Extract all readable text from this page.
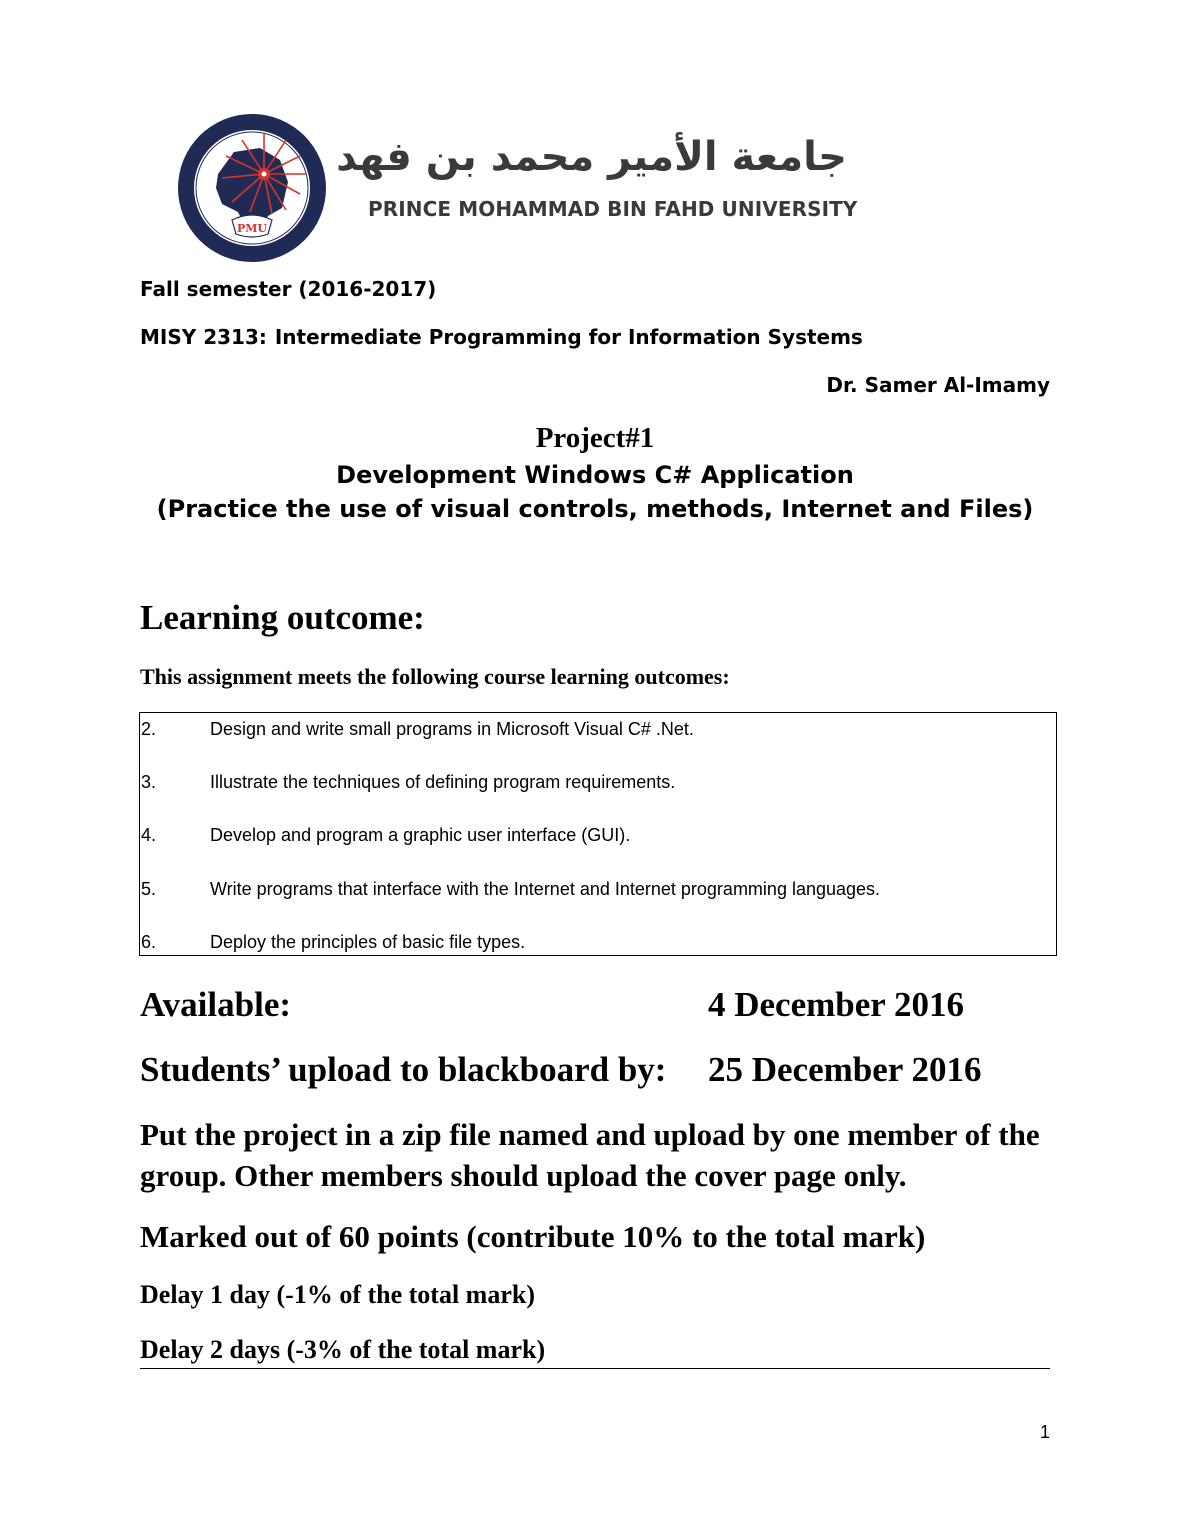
PMU
جامعة الأمير محمد بن فهد
PRINCE MOHAMMAD BIN FAHD UNIVERSITY
Fall semester (2016-2017)
MISY 2313: Intermediate Programming for Information Systems
Dr. Samer Al-Imamy
Project#1
Development Windows C# Application
(Practice the use of visual controls, methods, Internet and Files)
Learning outcome:
This assignment meets the following course learning outcomes:
2.	Design and write small programs in Microsoft Visual C# .Net.
3.	Illustrate the techniques of defining program requirements.
4.	Develop and program a graphic user interface (GUI).
5.	Write programs that interface with the Internet and Internet programming languages.
6.	Deploy the principles of basic file types.
Available:	4 December 2016
Students’ upload to blackboard by: 25 December 2016
Put the project in a zip file named and upload by one member of the group. Other members should upload the cover page only.
Marked out of 60 points (contribute 10% to the total mark)
Delay 1 day (-1% of the total mark)
Delay 2 days (-3% of the total mark)
1
